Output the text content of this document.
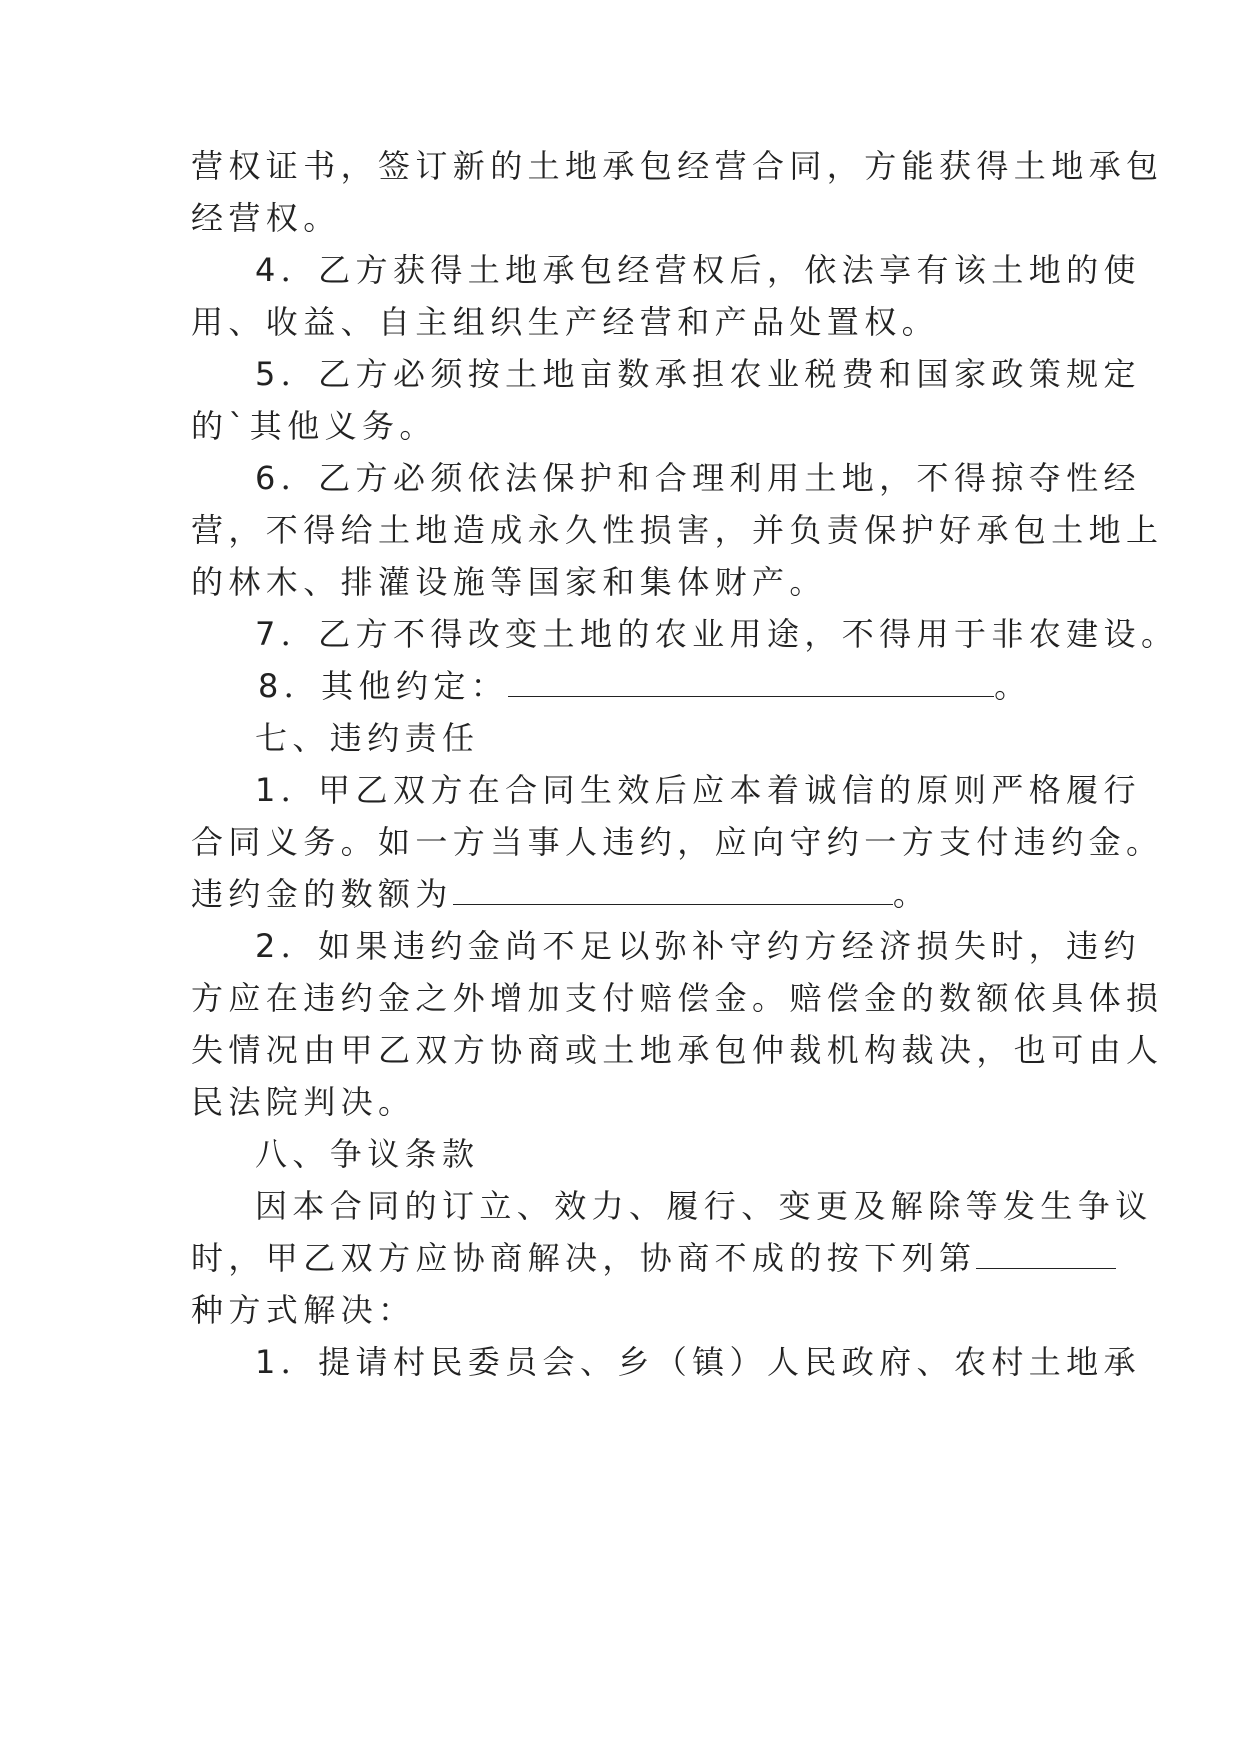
营权证书，签订新的土地承包经营合同，方能获得土地承包
经营权。
4．乙方获得土地承包经营权后，依法享有该土地的使
用、收益、自主组织生产经营和产品处置权。
5．乙方必须按土地亩数承担农业税费和国家政策规定
的`其他义务。
6．乙方必须依法保护和合理利用土地，不得掠夺性经
营，不得给土地造成永久性损害，并负责保护好承包土地上
的林木、排灌设施等国家和集体财产。
7．乙方不得改变土地的农业用途，不得用于非农建设。
8．其他约定：	。
七、违约责任
1．甲乙双方在合同生效后应本着诚信的原则严格履行
合同义务。如一方当事人违约，应向守约一方支付违约金。
违约金的数额为	。
2．如果违约金尚不足以弥补守约方经济损失时，违约
方应在违约金之外增加支付赔偿金。赔偿金的数额依具体损
失情况由甲乙双方协商或土地承包仲裁机构裁决，也可由人
民法院判决。
八、争议条款
因本合同的订立、效力、履行、变更及解除等发生争议
时，甲乙双方应协商解决，协商不成的按下列第
种方式解决：
1．提请村民委员会、乡（镇）人民政府、农村土地承
